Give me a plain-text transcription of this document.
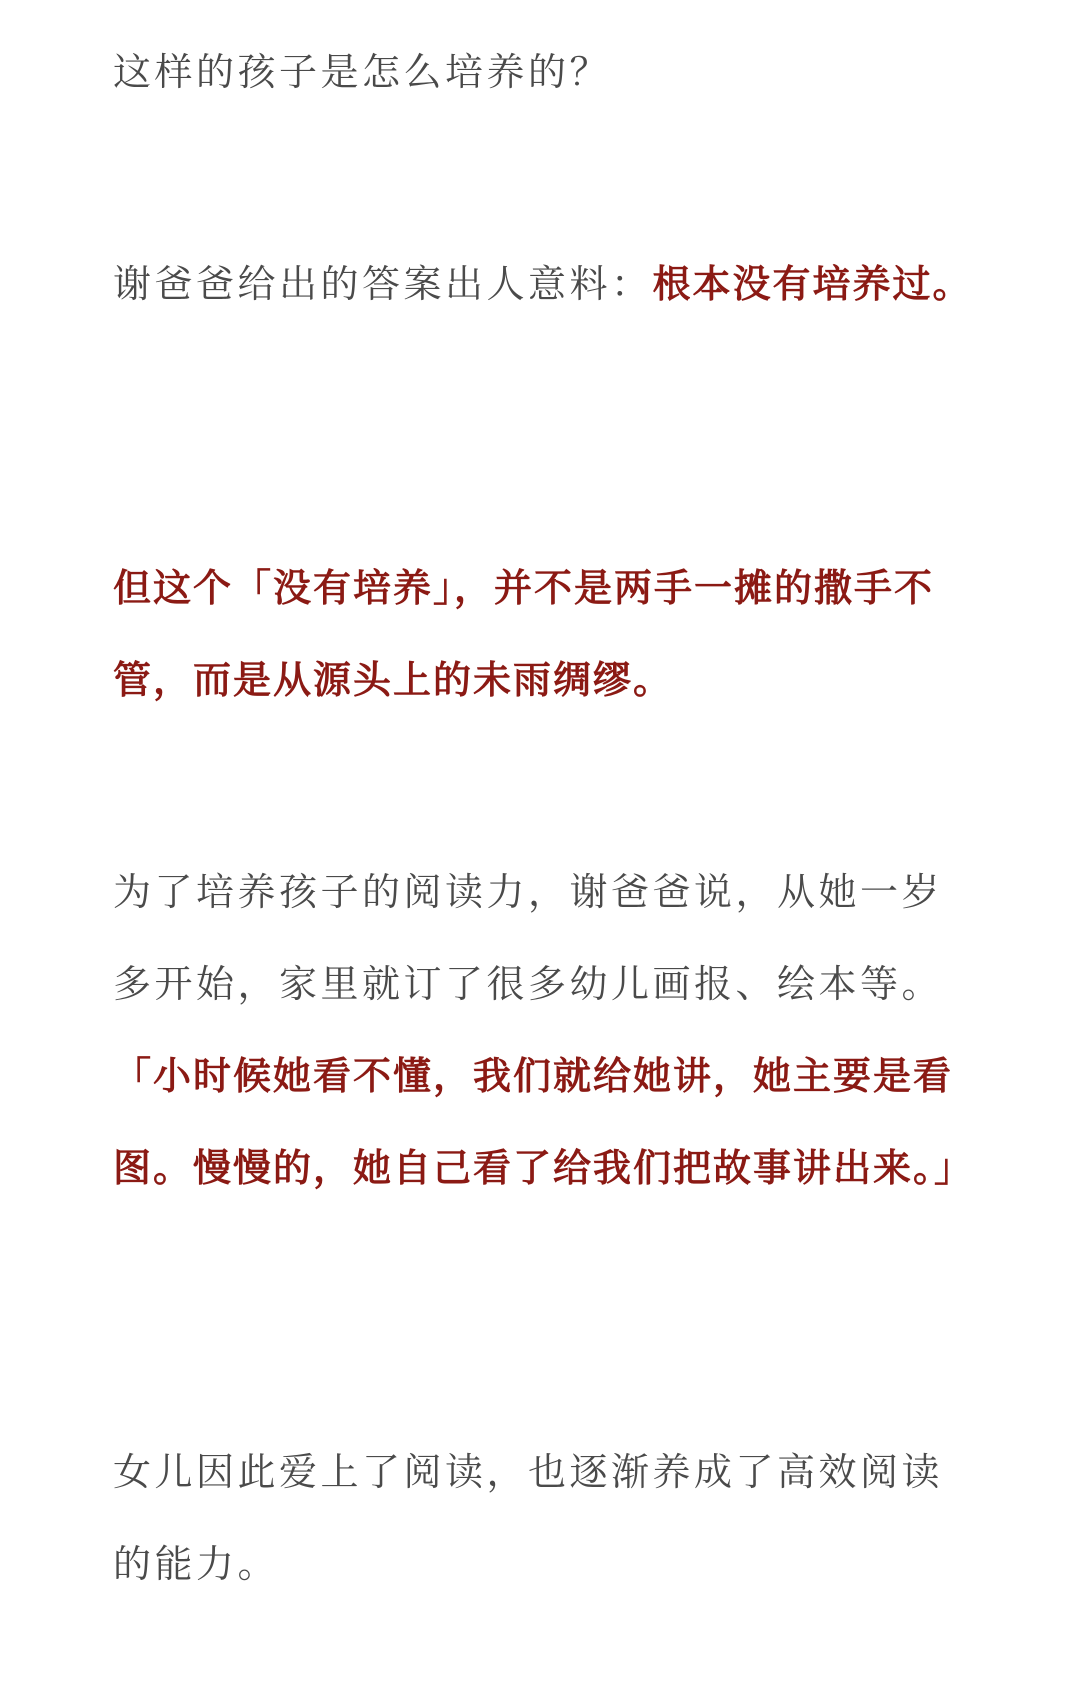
这样的孩子是怎么培养的？

谢爸爸给出的答案出人意料：根本没有培养过。

但这个「没有培养」，并不是两手一摊的撒手不管，而是从源头上的未雨绸缪。

为了培养孩子的阅读力，谢爸爸说，从她一岁多开始，家里就订了很多幼儿画报、绘本等。「小时候她看不懂，我们就给她讲，她主要是看图。慢慢的，她自己看了给我们把故事讲出来。」

女儿因此爱上了阅读，也逐渐养成了高效阅读的能力。
